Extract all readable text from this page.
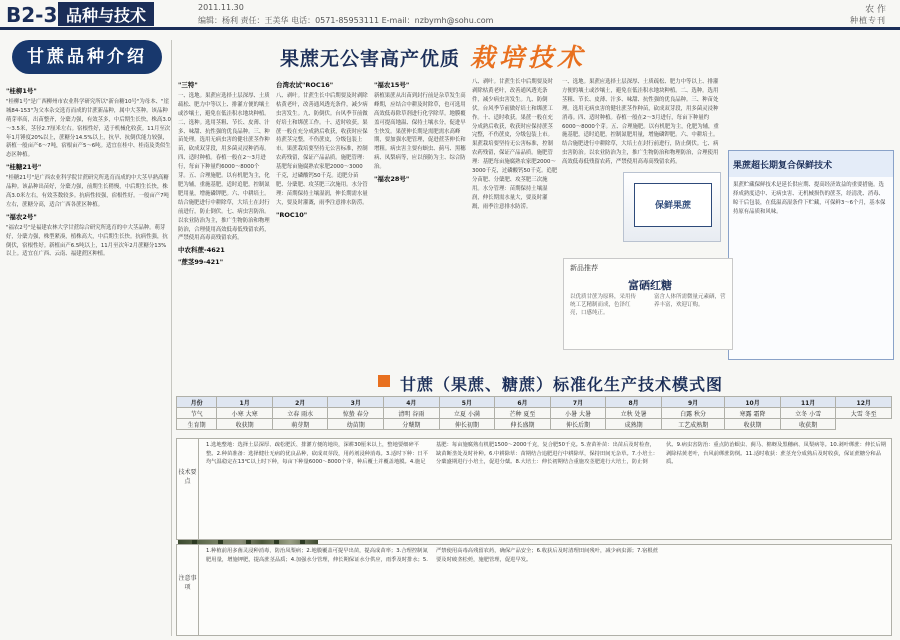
B2-3 品种与技术	2011.11.30
编辑：杨利 责任：王美华 电话：0571-85953111 E-mail：nzbymh@sohu.com
农 作
种植专刊
甘蔗品种介绍
"桂柳1号"

"桂柳1号"是广西柳州市农业科学研究所以"新台糖10号"为母本、"崖城84-153"为父本杂交选育而成的甘蔗新品种，属中大茎种。该品种萌芽率高，出苗整齐，分蘖力强，有效茎多，中后期生长快，株高3.0～3.5米，茎径2.7厘米左右。宿根性好，适于机械化收获。11月至次年1月锤度20%以上，蔗糖分14.5%以上，抗旱、抗倒伏能力较强，新植一般亩产6～7吨，宿根亩产5～6吨。适宜在桂中、桂南及类似生态区种植。

"桂糖21号"

"桂糖21号"是广西农业科学院甘蔗研究所选育而成的中大茎早熟高糖品种。该品种出苗好，分蘖力强，前期生长稍慢，中后期生长快，株高3.0米左右，有效茎数较多。抗病性较强，宿根性好。一般亩产7吨左右，蔗糖分高，适合广西各蔗区种植。

"福农2号"

"福农2号"是福建农林大学甘蔗综合研究所选育的中大茎品种。萌芽好，分蘖力强，株型紧凑，植株高大，中后期生长快。抗病性强，抗倒伏，宿根性好。新植亩产6.5吨以上，11月至次年2月蔗糖分13%以上。适宜在广西、云南、福建蔗区种植。

果蔗无公害高产优质 栽培技术
"三特"
一、选地。果蔗应选择土层深厚、土质疏松、肥力中等以上、排灌方便的壤土或沙壤土，避免在低洼积水地块种植。二、选种。选用茎粗、节长、皮薄、汁多、味甜、抗性强的优良品种。三、种苗处理。选用无病虫害的健壮蔗茎作种苗，砍成双芽段，用多菌灵浸种消毒。四、适时种植。春植一般在2～3月进行，每亩下种量约6000～8000个芽。五、合理施肥。以有机肥为主，化肥为辅，重施基肥，适时追肥，控制氮肥用量，增施磷钾肥。六、中耕培土。结合施肥进行中耕除草，大培土在封行前进行，防止倒伏。七、病虫害防治。以农业防治为主，推广生物防治和物理防治，合理使用高效低毒低残留农药，严禁使用高毒高残留农药。
中农科蔗-4621
"蔗茎99-421"
台湾农试"ROC16"
八、剥叶。甘蔗生长中后期要及时剥除枯黄老叶，改善通风透光条件，减少病虫害发生。九、防倒伏。台风季节前做好培土和绑蔗工作。十、适时收获。果蔗一般在充分成熟后收获，收获时应保持蔗茎完整，不伤蔗皮，分级包装上市。果蔗栽培要坚持无公害标准，控制农药残留，保证产品品质。施肥管理：基肥每亩施腐熟农家肥2000～3000千克，过磷酸钙50千克。追肥分苗肥、分蘖肥、攻茎肥三次施用。水分管理：苗期保持土壤湿润，伸长期需水量大，要及时灌溉，雨季注意排水防涝。
"ROC10"
"福农15号"
新植果蔗从出苗到封行前是杂草发生高峰期，应结合中耕及时除草，也可选用高效低毒除草剂进行化学除草。地膜覆盖可提高地温、保持土壤水分，促进早生快发。果蔗伸长期是需肥需水高峰期，要加强水肥管理，促进蔗茎伸长和增粗。病虫害主要有螟虫、蓟马、黑穗病、凤梨病等，应以预防为主、综合防治。
"福农28号"
八、剥叶。甘蔗生长中后期要及时剥除枯黄老叶，改善通风透光条件，减少病虫害发生。九、防倒伏。台风季节前做好培土和绑蔗工作。十、适时收获。果蔗一般在充分成熟后收获，收获时应保持蔗茎完整，不伤蔗皮，分级包装上市。果蔗栽培要坚持无公害标准，控制农药残留，保证产品品质。施肥管理：基肥每亩施腐熟农家肥2000～3000千克，过磷酸钙50千克。追肥分苗肥、分蘖肥、攻茎肥三次施用。水分管理：苗期保持土壤湿润，伸长期需水量大，要及时灌溉，雨季注意排水防涝。
一、选地。果蔗应选择土层深厚、土质疏松、肥力中等以上、排灌方便的壤土或沙壤土，避免在低洼积水地块种植。二、选种。选用茎粗、节长、皮薄、汁多、味甜、抗性强的优良品种。三、种苗处理。选用无病虫害的健壮蔗茎作种苗，砍成双芽段，用多菌灵浸种消毒。四、适时种植。春植一般在2～3月进行，每亩下种量约6000～8000个芽。五、合理施肥。以有机肥为主，化肥为辅，重施基肥，适时追肥，控制氮肥用量，增施磷钾肥。六、中耕培土。结合施肥进行中耕除草，大培土在封行前进行，防止倒伏。七、病虫害防治。以农业防治为主，推广生物防治和物理防治，合理使用高效低毒低残留农药，严禁使用高毒高残留农药。
保鲜果蔗
果蔗超长期复合保鲜技术
果蔗贮藏保鲜技术是延长供应期、提高经济效益的重要措施。选择成熟度适中、无病虫害、无机械损伤的蔗茎，经清洗、消毒、晾干后包装，在低温高湿条件下贮藏，可保鲜3～6个月，基本保持原有品质和风味。
新品推荐
富硒红糖
以优质甘蔗为原料，采用传统工艺精制而成，色泽红亮，口感纯正。
富含人体所需微量元素硒，营养丰富，欢迎订购。
甘蔗（果蔗、糖蔗）标准化生产技术模式图
月份	1月	2月	3月	4月	5月	6月	7月	8月	9月	10月	11月	12月
节气	小寒 大寒	立春 雨水	惊蛰 春分	清明 谷雨	立夏 小满	芒种 夏至	小暑 大暑	立秋 处暑	白露 秋分	寒露 霜降	立冬 小雪	大雪 冬至
生育期	收获期	萌芽期	幼苗期	分蘖期	伸长初期	伸长盛期	伸长后期	成熟期	工艺成熟期	收获期	收获期	
技术要点
1.选地整地：选择土层深厚、疏松肥沃、排灌方便的地块，深耕30厘米以上，整地要细碎平整。2.种苗准备：选择健壮无病的优良品种，砍成双芽段，用药剂浸种消毒。3.适时下种：日平均气温稳定在13℃以上时下种，每亩下种量6000～8000个芽，种后覆土并覆盖地膜。4.施足基肥：每亩施腐熟有机肥1500～2000千克，复合肥50千克。5.查苗补苗：出苗后及时检查，缺苗断垄处及时补种。6.中耕除草：苗期结合追肥进行中耕除草，保持田间无杂草。7.小培土：分蘖盛期进行小培土，促进分蘖。8.大培土：伸长初期结合重施攻茎肥进行大培土，防止倒伏。9.病虫害防治：重点防治螟虫、蓟马、棉蚜及黑穗病、凤梨病等。10.剥叶绑蔗：伸长后期剥除枯黄老叶，台风前绑蔗防倒。11.适时收获：蔗茎充分成熟后及时收获，保证蔗糖分和品质。
注意事项
1.种植前用多菌灵浸种消毒，防治凤梨病；2.地膜覆盖可提早出苗，提高成苗率；3.合理控制氮肥用量，增施钾肥，提高蔗茎品质；4.加强水分管理，伸长期保证水分供应，雨季及时排水；5.严禁使用高毒高残留农药，确保产品安全；6.收获后及时清理田间残叶，减少病虫源；7.宿根蔗要及时破垄松蔸，施肥管理，促进早发。
